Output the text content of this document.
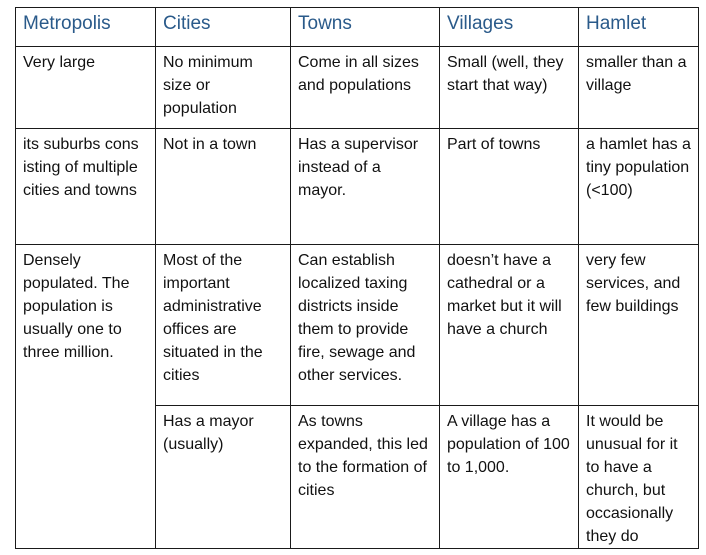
Metropolis	Cities	Towns	Villages	Hamlet
Very large	No minimum size or population	Come in all sizes and populations	Small (well, they start that way)	smaller than a village
its suburbs cons isting of multiple cities and towns	Not in a town	Has a supervisor instead of a mayor.	Part of towns	a hamlet has a tiny population (<100)
Densely populated. The population is usually one to three million.	Most of the important administrative offices are situated in the cities	Can establish localized taxing districts inside them to provide fire, sewage and other services.	doesn’t have a cathedral or a market but it will have a church	very few services, and few buildings
	Has a mayor (usually)	As towns expanded, this led to the formation of cities	A village has a population of 100 to 1,000.	It would be unusual for it to have a church, but occasionally they do
